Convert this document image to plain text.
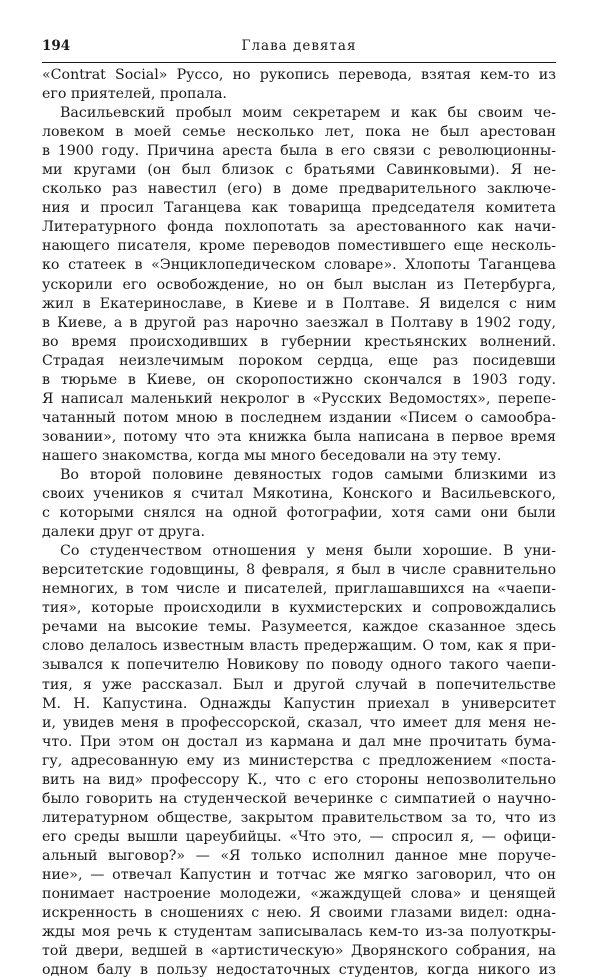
194	Глава девятая

«Contrat Social» Руссо, но рукопись перевода, взятая кем-то из
его приятелей, пропала.

Васильевский пробыл моим секретарем и как бы своим че-
ловеком в моей семье несколько лет, пока не был арестован
в 1900 году. Причина ареста была в его связи с революционны-
ми кругами (он был близок с братьями Савинковыми). Я не-
сколько раз навестил (его) в доме предварительного заключе-
ния и просил Таганцева как товарища председателя комитета
Литературного фонда похлопотать за арестованного как начи-
нающего писателя, кроме переводов поместившего еще несколь-
ко статеек в «Энциклопедическом словаре». Хлопоты Таганцева
ускорили его освобождение, но он был выслан из Петербурга,
жил в Екатеринославе, в Киеве и в Полтаве. Я виделся с ним
в Киеве, а в другой раз нарочно заезжал в Полтаву в 1902 году,
во время происходивших в губернии крестьянских волнений.
Страдая неизлечимым пороком сердца, еще раз посидевши
в тюрьме в Киеве, он скоропостижно скончался в 1903 году.
Я написал маленький некролог в «Русских Ведомостях», перепе-
чатанный потом мною в последнем издании «Писем о самообра-
зовании», потому что эта книжка была написана в первое время
нашего знакомства, когда мы много беседовали на эту тему.

Во второй половине девяностых годов самыми близкими из
своих учеников я считал Мякотина, Конского и Васильевского,
с которыми снялся на одной фотографии, хотя сами они были
далеки друг от друга.

Со студенчеством отношения у меня были хорошие. В уни-
верситетские годовщины, 8 февраля, я был в числе сравнительно
немногих, в том числе и писателей, приглашавшихся на «чаепи-
тия», которые происходили в кухмистерских и сопровождались
речами на высокие темы. Разумеется, каждое сказанное здесь
слово делалось известным власть предержащим. О том, как я при-
зывался к попечителю Новикову по поводу одного такого чаепи-
тия, я уже рассказал. Был и другой случай в попечительстве
М. Н. Капустина. Однажды Капустин приехал в университет
и, увидев меня в профессорской, сказал, что имеет для меня не-
что. При этом он достал из кармана и дал мне прочитать бума-
гу, адресованную ему из министерства с предложением «постa-
вить на вид» профессору К., что с его стороны непозволительно
было говорить на студенческой вечеринке с симпатией о научно-
литературном обществе, закрытом правительством за то, что из
его среды вышли цареубийцы. «Что это, — спросил я, — офици-
альный выговор?» — «Я только исполнил данное мне поруче-
ние», — отвечал Капустин и тотчас же мягко заговорил, что он
понимает настроение молодежи, «жаждущей слова» и ценящей
искренность в сношениях с нею. Я своими глазами видел: одна-
жды моя речь к студентам записывалась кем-то из-за полуоткры-
той двери, ведшей в «артистическую» Дворянского собрания, на
одном балу в пользу недостаточных студентов, когда никого из
